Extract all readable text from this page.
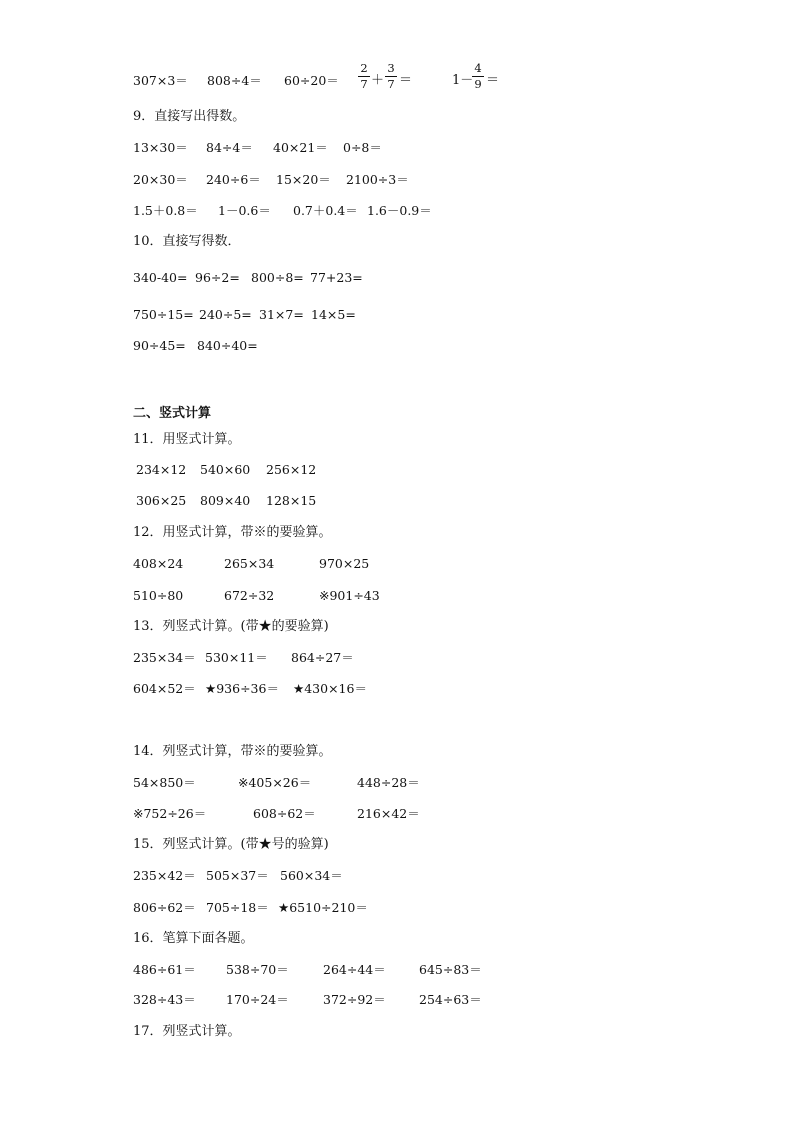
307×3＝ 808÷4＝ 60÷20＝
2
7 ＋
3
7 ＝	1－
4
9 ＝
9．直接写出得数。
13×30＝ 84÷4＝ 40×21＝ 0÷8＝
20×30＝ 240÷6＝ 15×20＝ 2100÷3＝
1.5＋0.8＝ 1－0.6＝ 0.7＋0.4＝ 1.6－0.9＝
10．直接写得数．
340-40= 96÷2= 800÷8= 77+23=
750÷15= 240÷5= 31×7= 14×5=
90÷45= 840÷40=
二、竖式计算
11．用竖式计算。
234×12 540×60 256×12
306×25 809×40 128×15
12．用竖式计算，带※的要验算。
408×24	265×34	970×25
510÷80	672÷32	※901÷43
13．列竖式计算。(带★的要验算)
235×34＝ 530×11＝ 864÷27＝
604×52＝ ★936÷36＝ ★430×16＝
14．列竖式计算，带※的要验算。
54×850＝	※405×26＝	448÷28＝
※752÷26＝	608÷62＝	216×42＝
15．列竖式计算。(带★号的验算)
235×42＝ 505×37＝ 560×34＝
806÷62＝ 705÷18＝ ★6510÷210＝
16．笔算下面各题。
486÷61＝ 538÷70＝	264÷44＝	645÷83＝
328÷43＝ 170÷24＝	372÷92＝	254÷63＝
17．列竖式计算。
